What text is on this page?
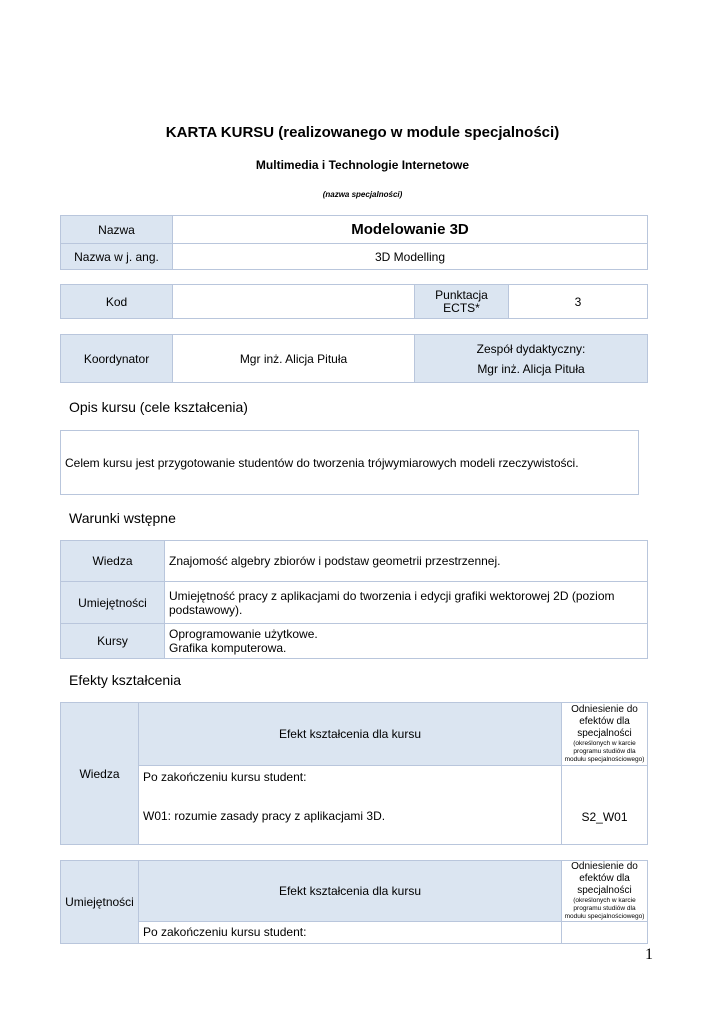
KARTA KURSU (realizowanego w module specjalności)
Multimedia i Technologie Internetowe
(nazwa specjalności)
Nazwa	Modelowanie 3D
Nazwa w j. ang.	3D Modelling
Kod		Punktacja ECTS*	3
Koordynator	Mgr inż. Alicja Pituła	
Zespół dydaktyczny:
Mgr inż. Alicja Pituła
Opis kursu (cele kształcenia)
Celem kursu jest przygotowanie studentów do tworzenia trójwymiarowych modeli rzeczywistości.
Warunki wstępne
Wiedza	Znajomość algebry zbiorów i podstaw geometrii przestrzennej.
Umiejętności	Umiejętność pracy z aplikacjami do tworzenia i edycji grafiki wektorowej 2D (poziom podstawowy).
Kursy	Oprogramowanie użytkowe.
Grafika komputerowa.
Efekty kształcenia
Wiedza	Efekt kształcenia dla kursu	Odniesienie do efektów dla specjalności
(określonych w karcie programu studiów dla modułu specjalnościowego)

	Po zakończeniu kursu student:
W01: rozumie zasady pracy z aplikacjami 3D.	S2_W01
Umiejętności	Efekt kształcenia dla kursu	Odniesienie do efektów dla specjalności
(określonych w karcie programu studiów dla modułu specjalnościowego)

	Po zakończeniu kursu student:	
1
